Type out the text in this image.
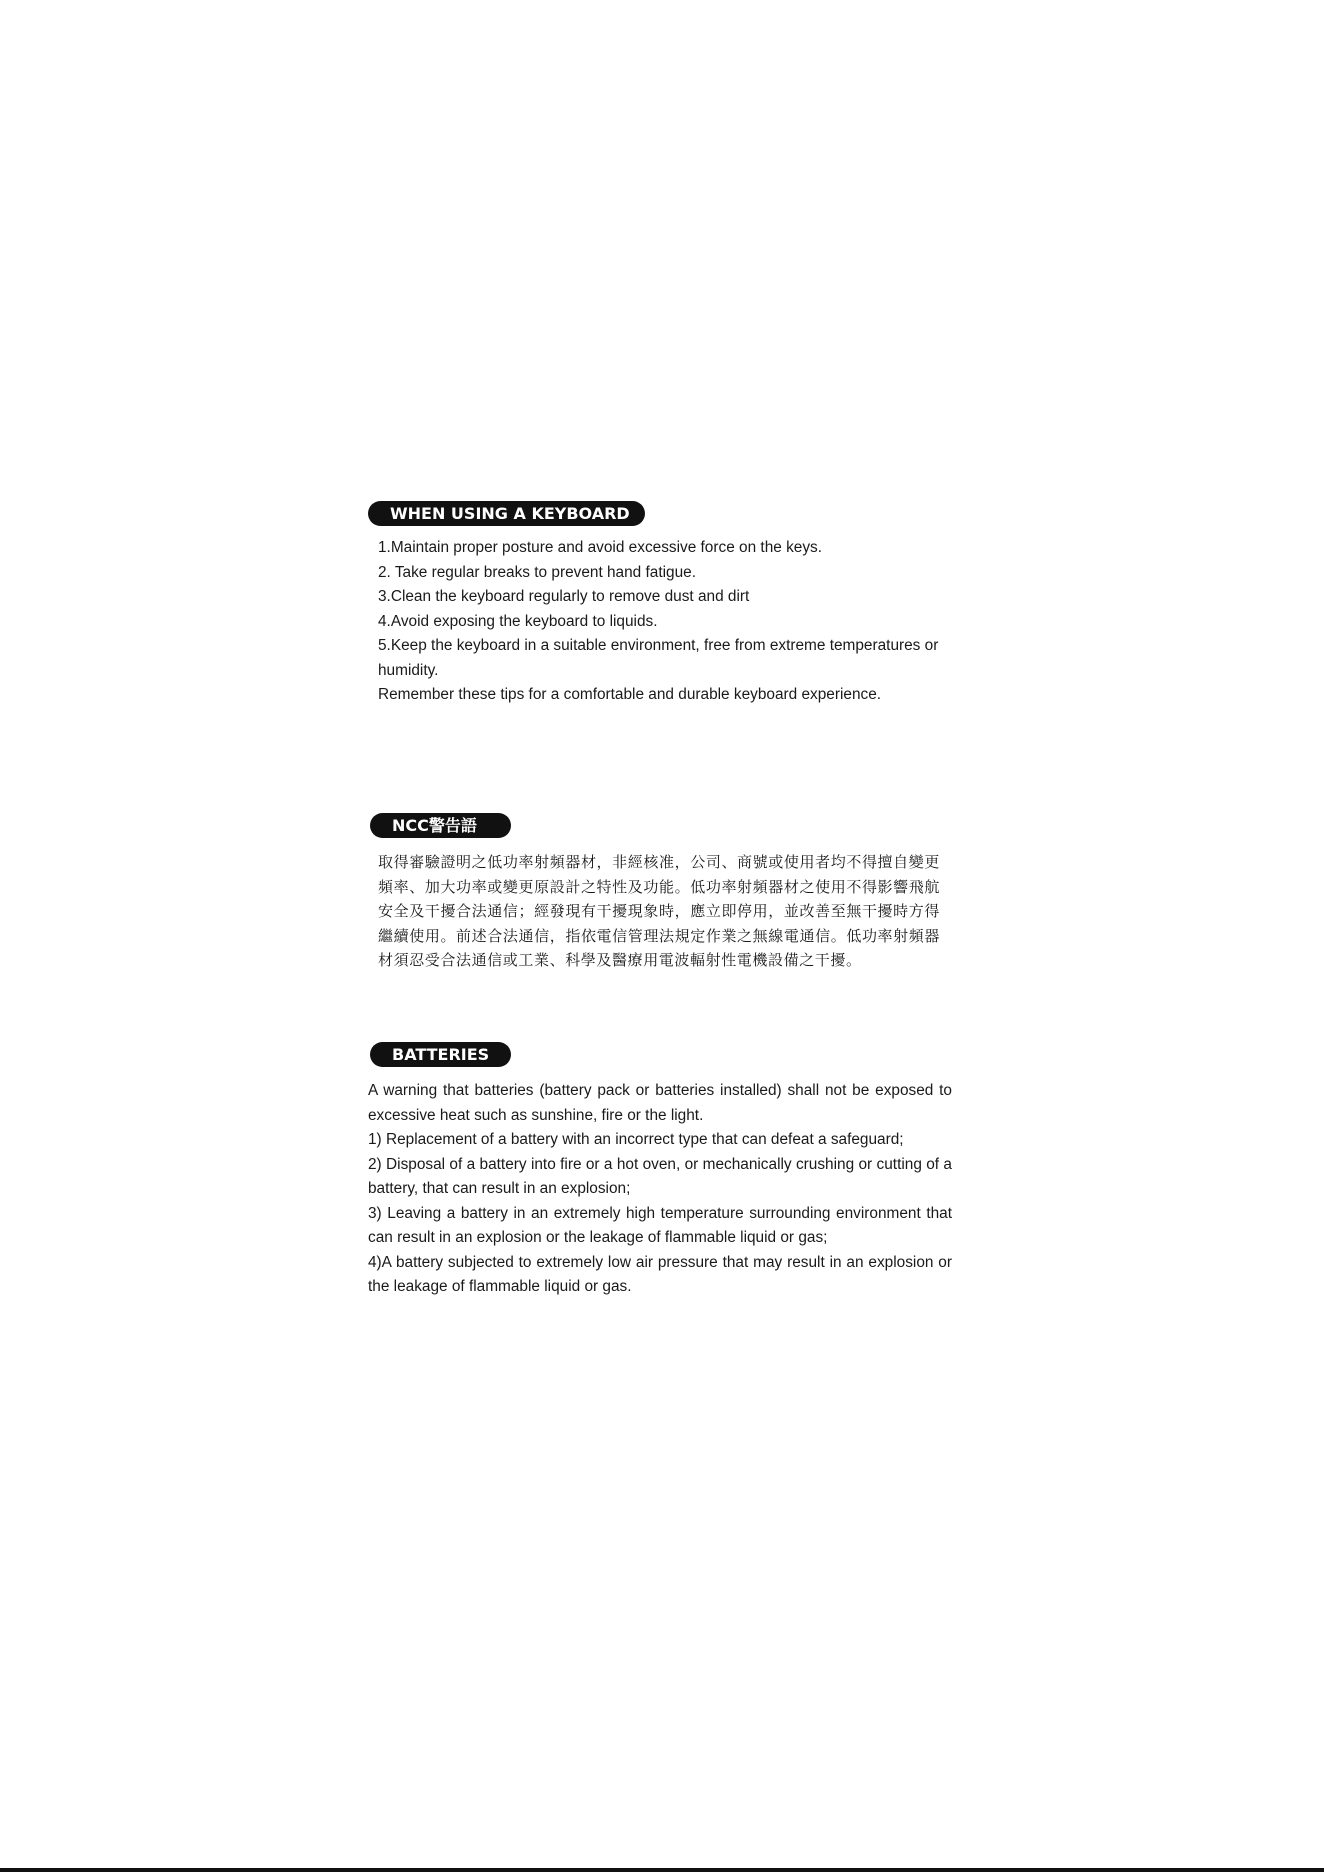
WHEN USING A KEYBOARD

1.Maintain proper posture and avoid excessive force on the keys.

2. Take regular breaks to prevent hand fatigue.

3.Clean the keyboard regularly to remove dust and dirt

4.Avoid exposing the keyboard to liquids.

5.Keep the keyboard in a suitable environment, free from extreme temperatures or humidity.

Remember these tips for a comfortable and durable keyboard experience.

NCC警告語

取得審驗證明之低功率射頻器材，非經核准，公司、商號或使用者均不得擅自變更頻率、加大功率或變更原設計之特性及功能。低功率射頻器材之使用不得影響飛航安全及干擾合法通信；經發現有干擾現象時，應立即停用，並改善至無干擾時方得繼續使用。前述合法通信，指依電信管理法規定作業之無線電通信。低功率射頻器材須忍受合法通信或工業、科學及醫療用電波輻射性電機設備之干擾。

BATTERIES

A warning that batteries (battery pack or batteries installed) shall not be exposed to excessive heat such as sunshine, fire or the light.

1) Replacement of a battery with an incorrect type that can defeat a safeguard;

2) Disposal of a battery into fire or a hot oven, or mechanically crushing or cutting of a battery, that can result in an explosion;

3) Leaving a battery in an extremely high temperature surrounding environment that can result in an explosion or the leakage of flammable liquid or gas;

4)A battery subjected to extremely low air pressure that may result in an explosion or the leakage of flammable liquid or gas.
